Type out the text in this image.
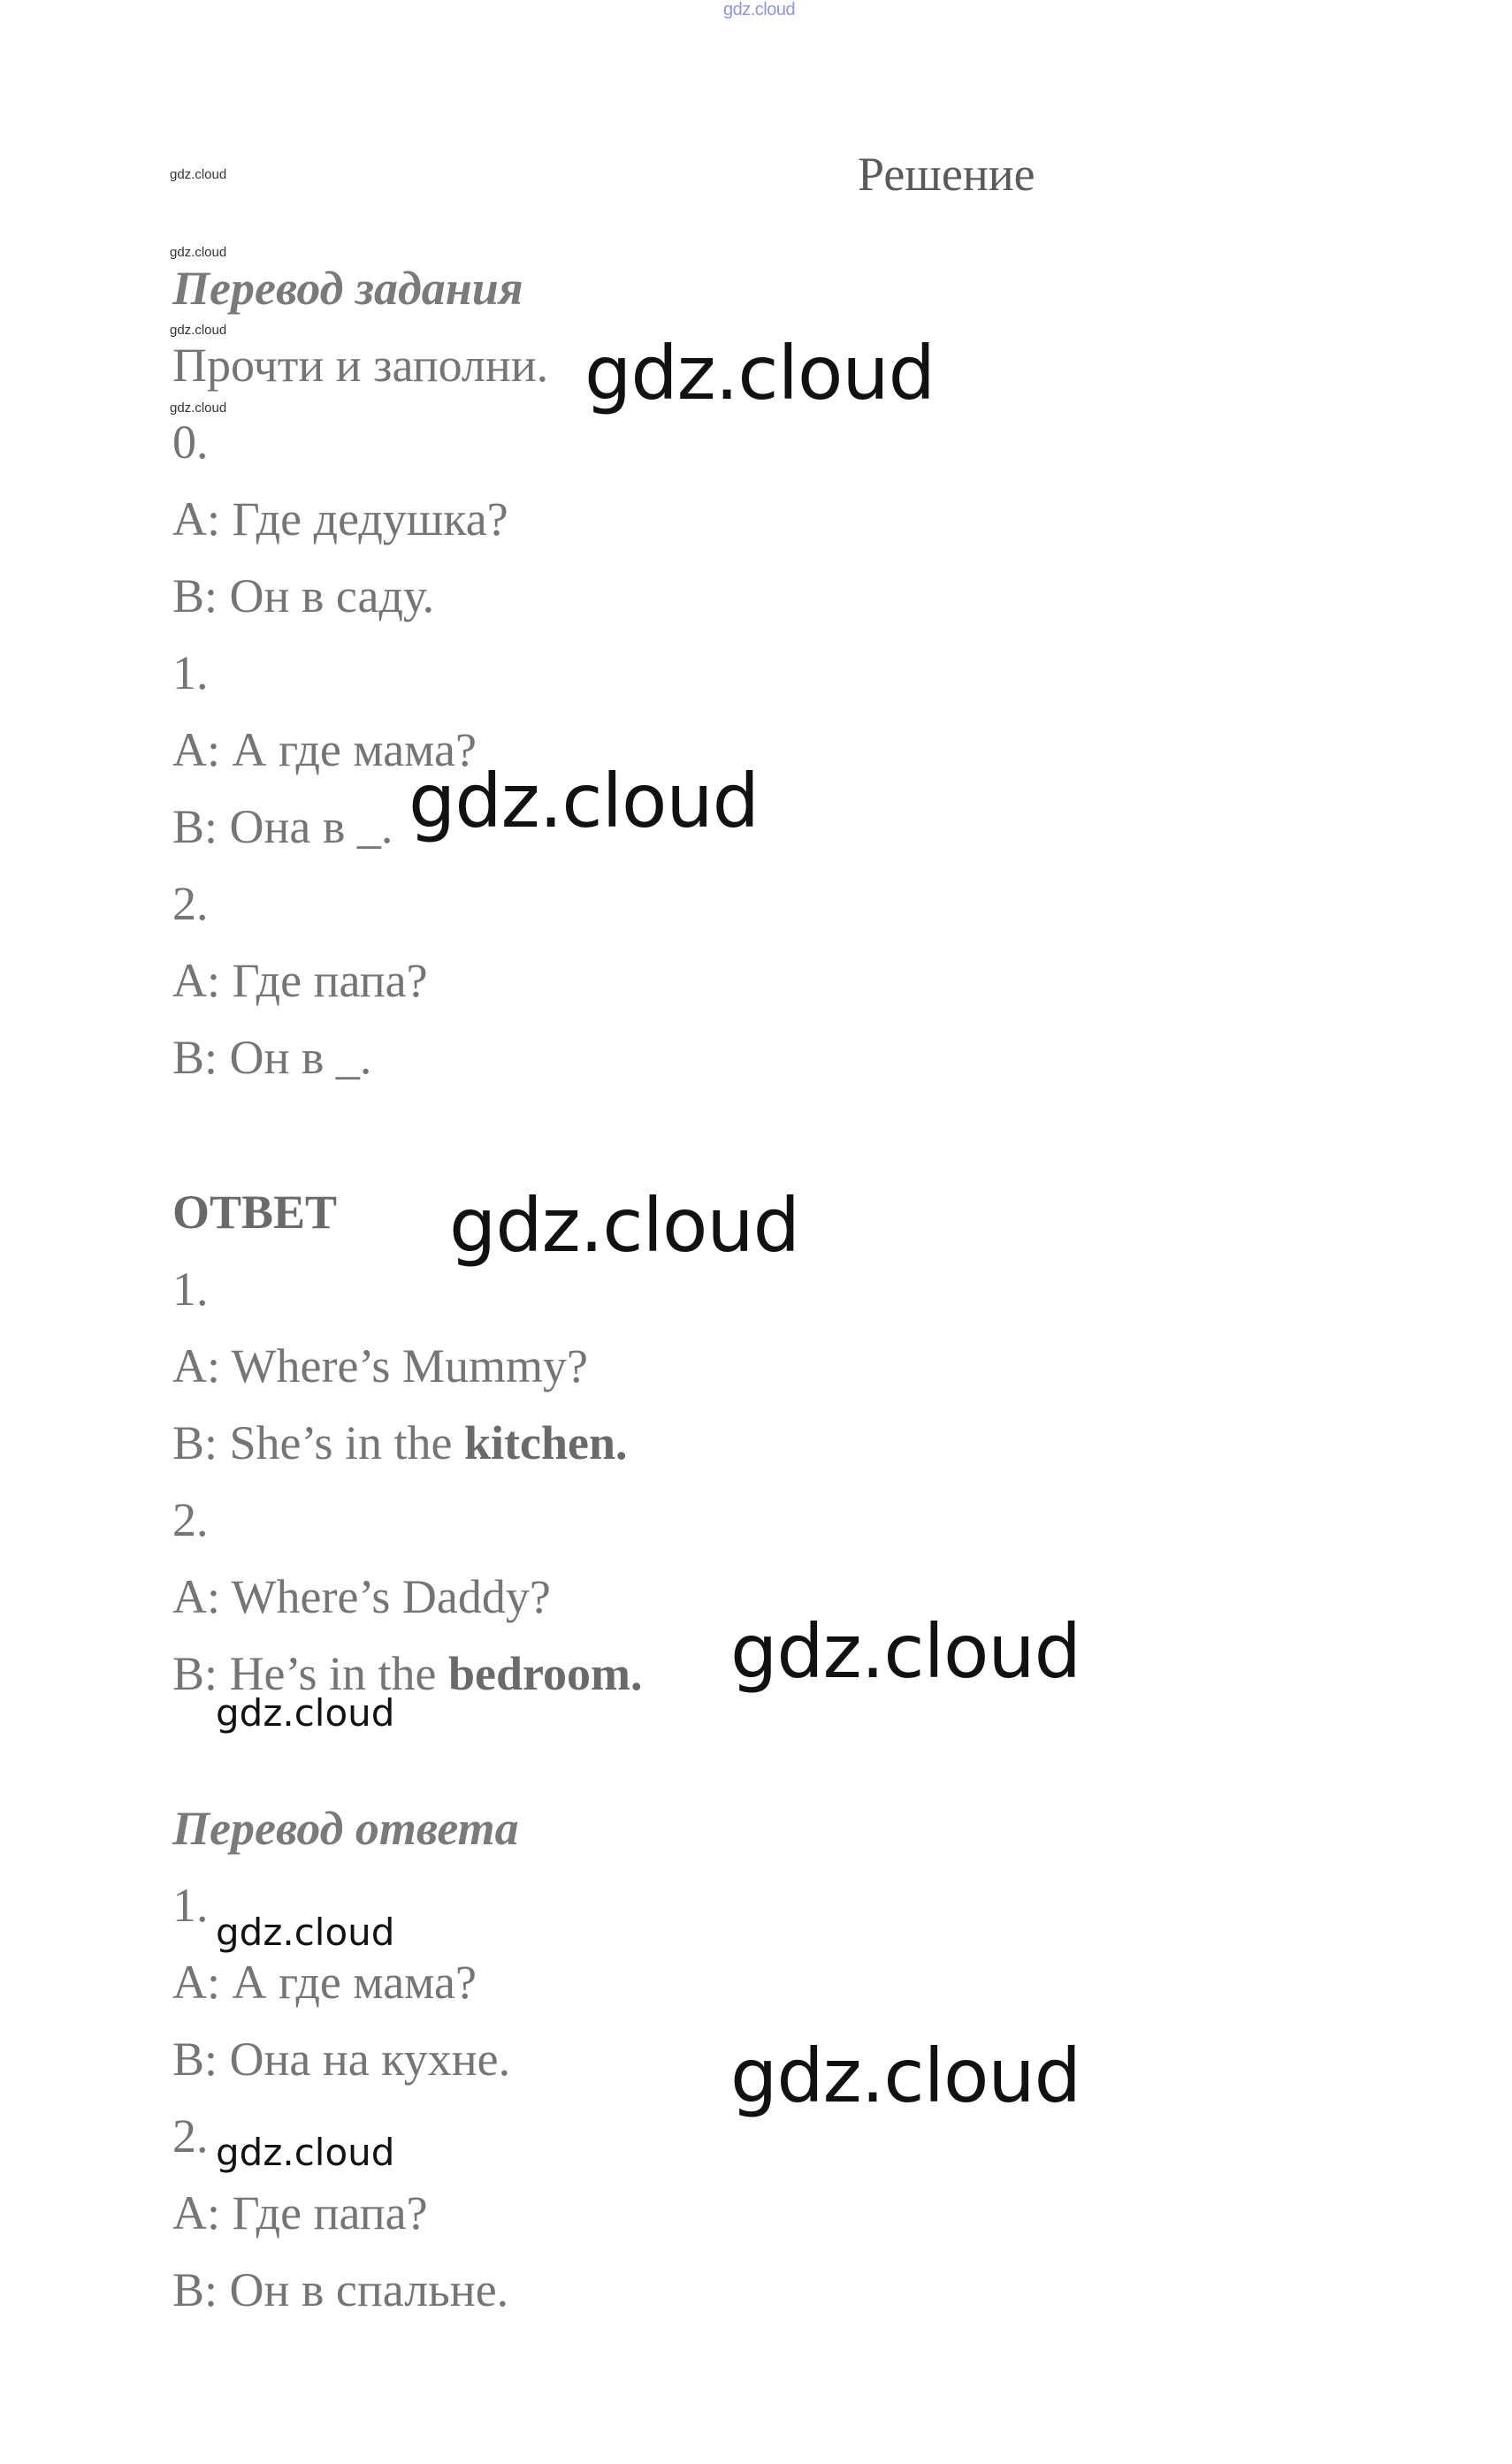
gdz.cloud
gdz.cloud
gdz.cloud
gdz.cloud
gdz.cloud
Решение
Перевод задания
Прочти и заполни.
0.
A: Где дедушка?
B: Он в саду.
1.
A: А где мама?
B: Она в _.
2.
A: Где папа?
B: Он в _.
ОТВЕТ
1.
A: Where’s Mummy?
B: She’s in the kitchen.
2.
A: Where’s Daddy?
B: He’s in the bedroom.
Перевод ответа
1.
A: А где мама?
B: Она на кухне.
2.
A: Где папа?
B: Он в спальне.
gdz.cloud
gdz.cloud
gdz.cloud
gdz.cloud
gdz.cloud
gdz.cloud
gdz.cloud
gdz.cloud
